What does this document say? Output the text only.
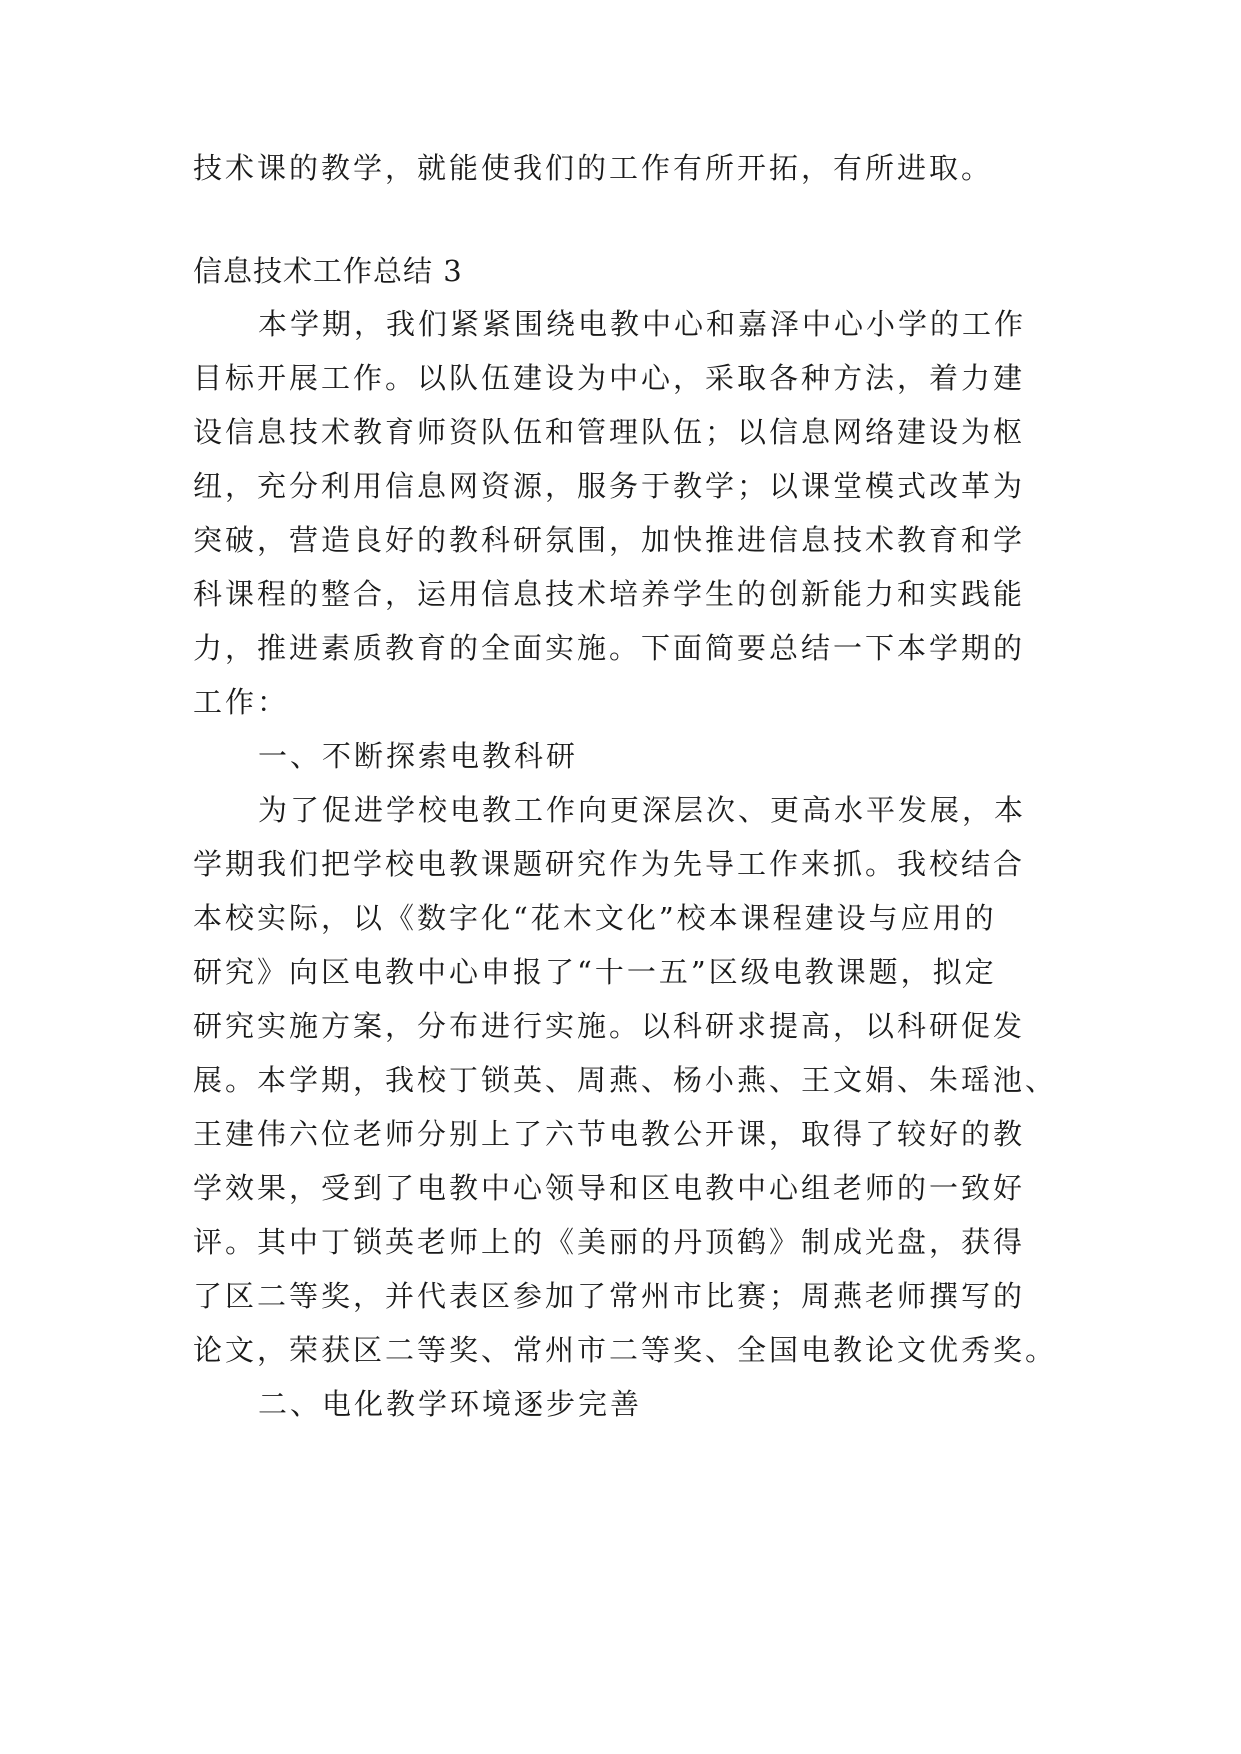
技术课的教学，就能使我们的工作有所开拓，有所进取。
信息技术工作总结 3
本学期，我们紧紧围绕电教中心和嘉泽中心小学的工作
目标开展工作。以队伍建设为中心，采取各种方法，着力建
设信息技术教育师资队伍和管理队伍；以信息网络建设为枢
纽，充分利用信息网资源，服务于教学；以课堂模式改革为
突破，营造良好的教科研氛围，加快推进信息技术教育和学
科课程的整合，运用信息技术培养学生的创新能力和实践能
力，推进素质教育的全面实施。下面简要总结一下本学期的
工作：
一、不断探索电教科研
为了促进学校电教工作向更深层次、更高水平发展，本
学期我们把学校电教课题研究作为先导工作来抓。我校结合
本校实际，以《数字化“花木文化”校本课程建设与应用的
研究》向区电教中心申报了“十一五”区级电教课题，拟定
研究实施方案，分布进行实施。以科研求提高，以科研促发
展。本学期，我校丁锁英、周燕、杨小燕、王文娟、朱瑶池、
王建伟六位老师分别上了六节电教公开课，取得了较好的教
学效果，受到了电教中心领导和区电教中心组老师的一致好
评。其中丁锁英老师上的《美丽的丹顶鹤》制成光盘，获得
了区二等奖，并代表区参加了常州市比赛；周燕老师撰写的
论文，荣获区二等奖、常州市二等奖、全国电教论文优秀奖。
二、电化教学环境逐步完善
